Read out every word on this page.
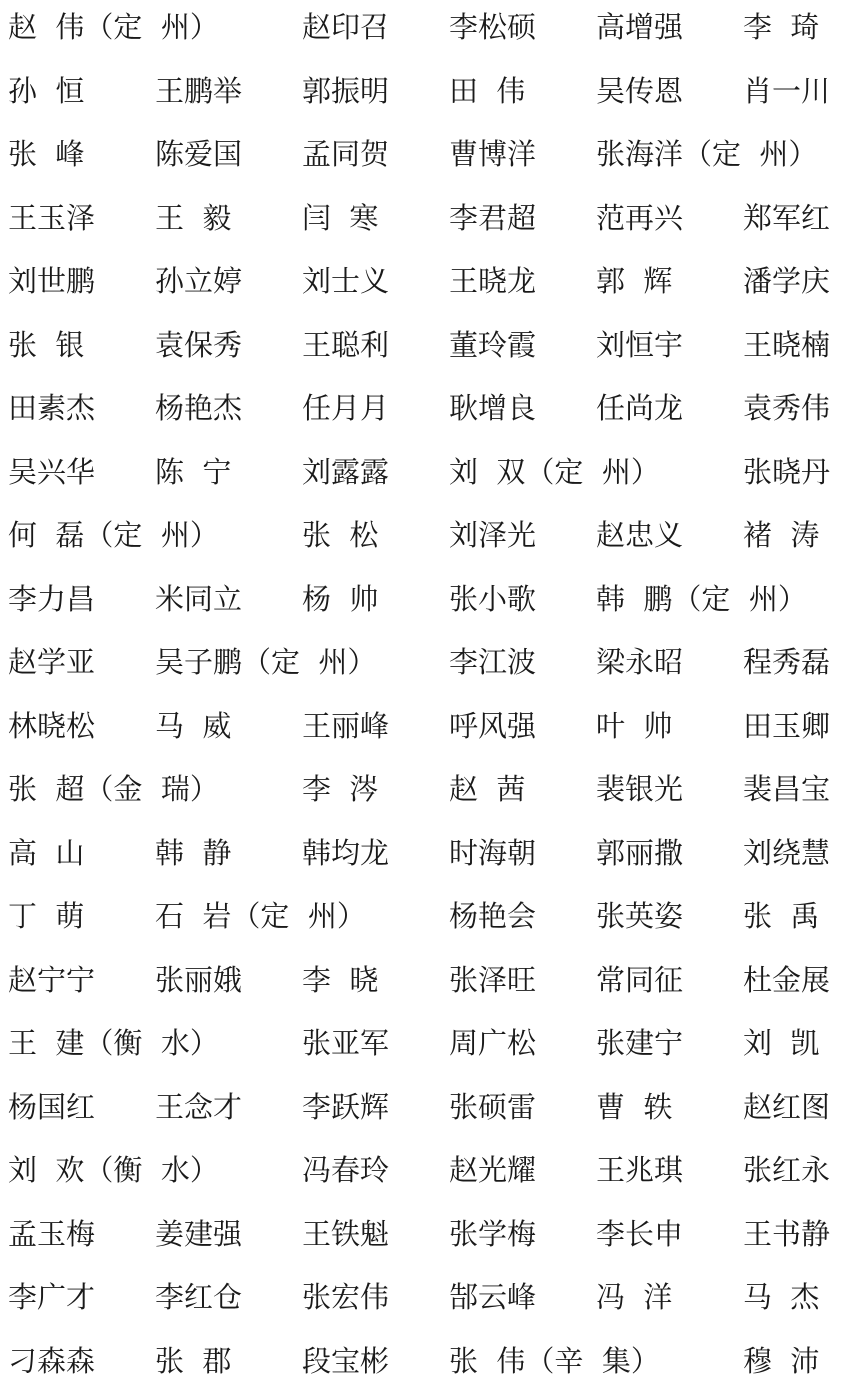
赵  伟（定  州）	赵印召 李松硕 高增强 李  琦
孙  恒 王鹏举 郭振明 田  伟 吴传恩 肖一川
张  峰 陈爱国 孟同贺 曹博洋 张海洋（定  州）
王玉泽 王  毅 闫  寒 李君超 范再兴 郑军红
刘世鹏 孙立婷 刘士义 王晓龙 郭  辉 潘学庆
张  银 袁保秀 王聪利 董玲霞 刘恒宇 王晓楠
田素杰 杨艳杰 任月月 耿增良 任尚龙 袁秀伟
吴兴华 陈  宁 刘露露 刘  双（定  州）	张晓丹
何  磊（定  州）	张  松 刘泽光 赵忠义 褚  涛
李力昌 米同立 杨  帅 张小歌 韩  鹏（定  州）
赵学亚 吴子鹏（定  州）	李江波 梁永昭 程秀磊
林晓松 马  威 王丽峰 呼风强 叶  帅 田玉卿
张  超（金  瑞）	李  涔 赵  茜 裴银光 裴昌宝
高  山 韩  静 韩均龙 时海朝 郭丽撒 刘绕慧
丁  萌 石  岩（定  州）	杨艳会 张英姿 张  禹
赵宁宁 张丽娥 李  晓 张泽旺 常同征 杜金展
王  建（衡  水）	张亚军 周广松 张建宁 刘  凯
杨国红 王念才 李跃辉 张硕雷 曹  轶 赵红图
刘  欢（衡  水）	冯春玲 赵光耀 王兆琪 张红永
孟玉梅 姜建强 王铁魁 张学梅 李长申 王书静
李广才 李红仓 张宏伟 郜云峰 冯  洋 马  杰
刁森森 张  郡 段宝彬 张  伟（辛  集）	穆  沛
